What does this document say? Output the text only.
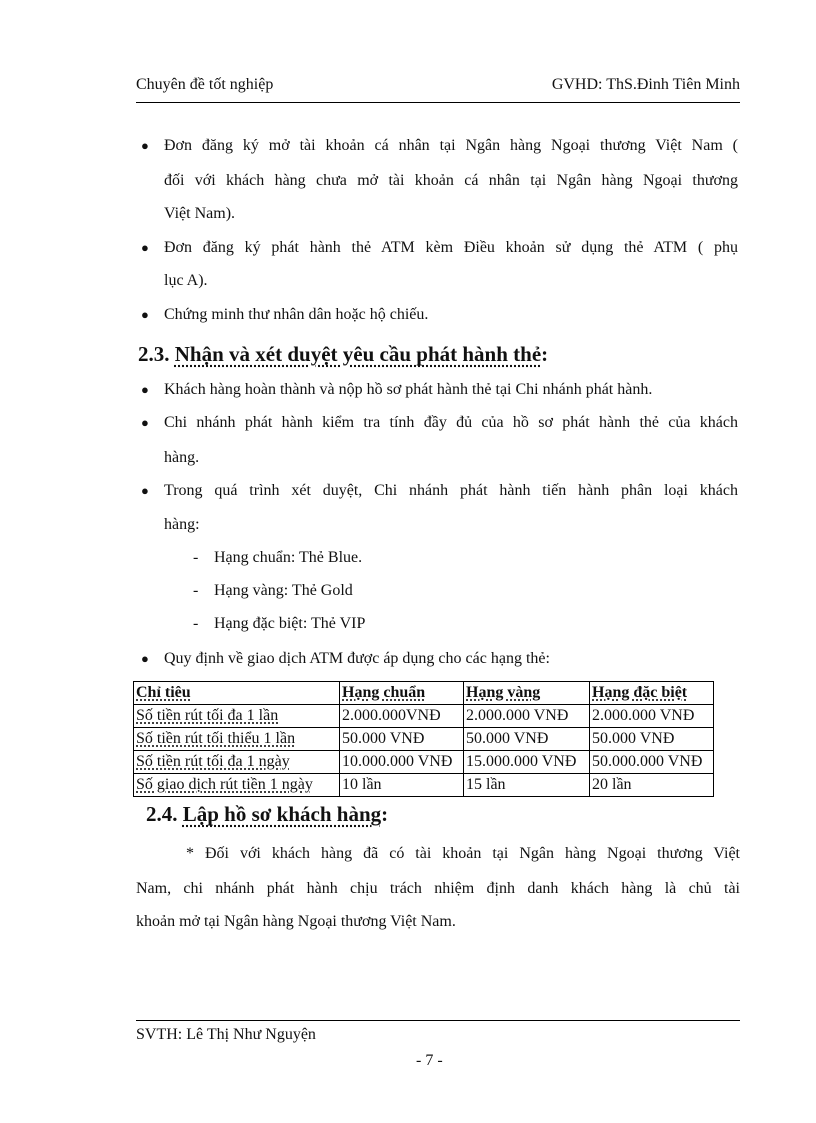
Chuyên đề tốt nghiệp	GVHD: ThS.Đinh Tiên Minh
● Đơn đăng ký mở tài khoản cá nhân tại Ngân hàng Ngoại thương Việt Nam (
đối với khách hàng chưa mở tài khoản cá nhân tại Ngân hàng Ngoại thương
Việt Nam).
● Đơn đăng ký phát hành thẻ ATM kèm Điều khoản sử dụng thẻ ATM ( phụ
lục A).
● Chứng minh thư nhân dân hoặc hộ chiếu.
2.3. Nhận và xét duyệt yêu cầu phát hành thẻ:
● Khách hàng hoàn thành và nộp hồ sơ phát hành thẻ tại Chi nhánh phát hành.
● Chi nhánh phát hành kiểm tra tính đầy đủ của hồ sơ phát hành thẻ của khách
hàng.
● Trong quá trình xét duyệt, Chi nhánh phát hành tiến hành phân loại khách
hàng:
- Hạng chuẩn: Thẻ Blue.
- Hạng vàng: Thẻ Gold
- Hạng đặc biệt: Thẻ VIP
● Quy định về giao dịch ATM được áp dụng cho các hạng thẻ:
Chỉ tiêu	Hạng chuẩn	Hạng vàng	Hạng đặc biệt
Số tiền rút tối đa 1 lần	2.000.000VNĐ	2.000.000 VNĐ	2.000.000 VNĐ
Số tiền rút tối thiểu 1 lần	50.000 VNĐ	50.000 VNĐ	50.000 VNĐ
Số tiền rút tối đa 1 ngày	10.000.000 VNĐ	15.000.000 VNĐ	50.000.000 VNĐ
Số giao dịch rút tiền 1 ngày	10 lần	15 lần	20 lần
2.4. Lập hồ sơ khách hàng:
* Đối với khách hàng đã có tài khoản tại Ngân hàng Ngoại thương Việt
Nam, chi nhánh phát hành chịu trách nhiệm định danh khách hàng là chủ tài
khoản mở tại Ngân hàng Ngoại thương Việt Nam.
SVTH: Lê Thị Như Nguyện
- 7 -
